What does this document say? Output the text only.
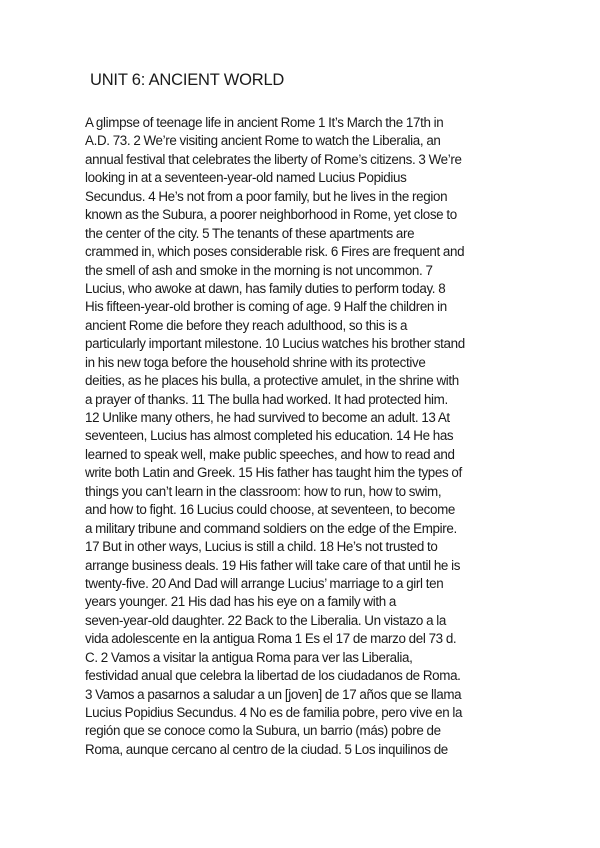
UNIT 6: ANCIENT WORLD
A glimpse of teenage life in ancient Rome 1 It’s March the 17th in
A.D. 73. 2 We’re visiting ancient Rome to watch the Liberalia, an
annual festival that celebrates the liberty of Rome’s citizens. 3 We’re
looking in at a seventeen-year-old named Lucius Popidius
Secundus. 4 He’s not from a poor family, but he lives in the region
known as the Subura, a poorer neighborhood in Rome, yet close to
the center of the city. 5 The tenants of these apartments are
crammed in, which poses considerable risk. 6 Fires are frequent and
the smell of ash and smoke in the morning is not uncommon. 7
Lucius, who awoke at dawn, has family duties to perform today. 8
His fifteen-year-old brother is coming of age. 9 Half the children in
ancient Rome die before they reach adulthood, so this is a
particularly important milestone. 10 Lucius watches his brother stand
in his new toga before the household shrine with its protective
deities, as he places his bulla, a protective amulet, in the shrine with
a prayer of thanks. 11 The bulla had worked. It had protected him.
12 Unlike many others, he had survived to become an adult. 13 At
seventeen, Lucius has almost completed his education. 14 He has
learned to speak well, make public speeches, and how to read and
write both Latin and Greek. 15 His father has taught him the types of
things you can’t learn in the classroom: how to run, how to swim,
and how to fight. 16 Lucius could choose, at seventeen, to become
a military tribune and command soldiers on the edge of the Empire.
17 But in other ways, Lucius is still a child. 18 He’s not trusted to
arrange business deals. 19 His father will take care of that until he is
twenty-five. 20 And Dad will arrange Lucius’ marriage to a girl ten
years younger. 21 His dad has his eye on a family with a
seven-year-old daughter. 22 Back to the Liberalia. Un vistazo a la
vida adolescente en la antigua Roma 1 Es el 17 de marzo del 73 d.
C. 2 Vamos a visitar la antigua Roma para ver las Liberalia,
festividad anual que celebra la libertad de los ciudadanos de Roma.
3 Vamos a pasarnos a saludar a un [joven] de 17 años que se llama
Lucius Popidius Secundus. 4 No es de familia pobre, pero vive en la
región que se conoce como la Subura, un barrio (más) pobre de
Roma, aunque cercano al centro de la ciudad. 5 Los inquilinos de
